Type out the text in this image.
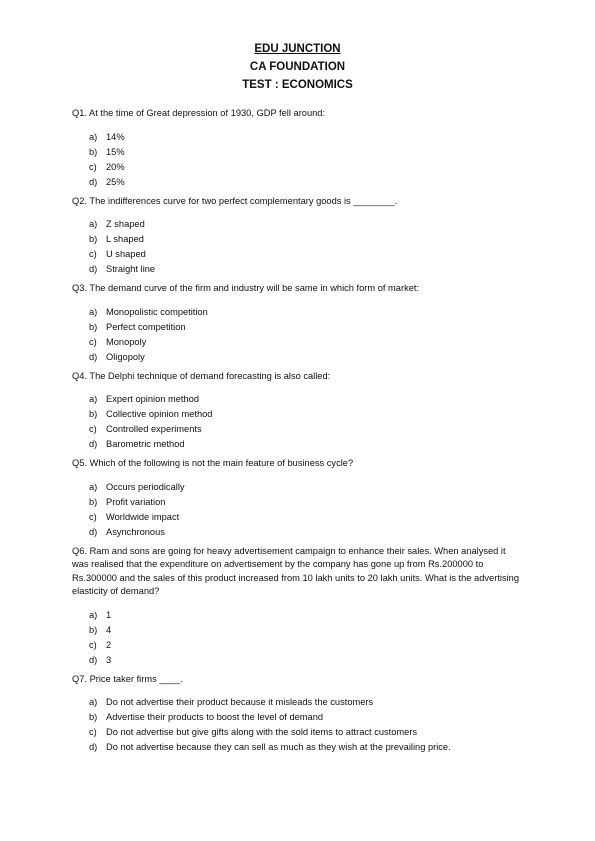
EDU JUNCTION
CA FOUNDATION
TEST : ECONOMICS
Q1. At the time of Great depression of 1930, GDP fell around:
a) 14%
b) 15%
c) 20%
d) 25%
Q2. The indifferences curve for two perfect complementary goods is ________.
a) Z shaped
b) L shaped
c) U shaped
d) Straight line
Q3. The demand curve of the firm and industry will be same in which form of market:
a) Monopolistic competition
b) Perfect competition
c) Monopoly
d) Oligopoly
Q4. The Delphi technique of demand forecasting is also called:
a) Expert opinion method
b) Collective opinion method
c) Controlled experiments
d) Barometric method
Q5. Which of the following is not the main feature of business cycle?
a) Occurs periodically
b) Profit variation
c) Worldwide impact
d) Asynchronous
Q6. Ram and sons are going for heavy advertisement campaign to enhance their sales. When analysed it was realised that the expenditure on advertisement by the company has gone up from Rs.200000 to Rs.300000 and the sales of this product increased from 10 lakh units to 20 lakh units. What is the advertising elasticity of demand?
a) 1
b) 4
c) 2
d) 3
Q7. Price taker firms ____.
a) Do not advertise their product because it misleads the customers
b) Advertise their products to boost the level of demand
c) Do not advertise but give gifts along with the sold items to attract customers
d) Do not advertise because they can sell as much as they wish at the prevailing price.
